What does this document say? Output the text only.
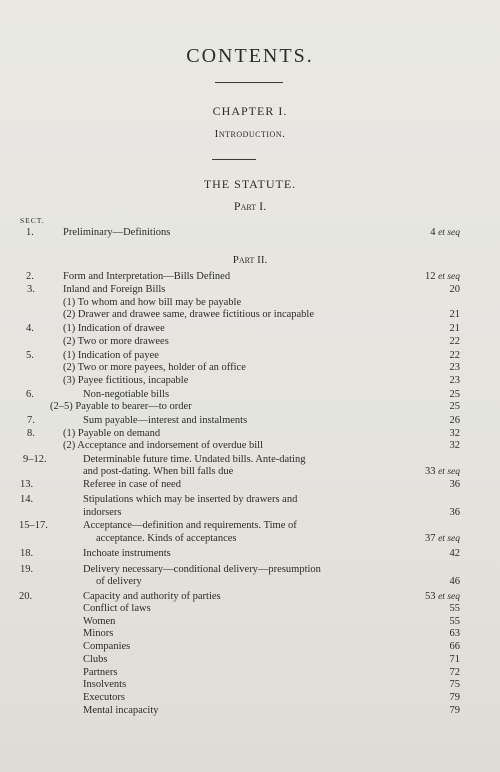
CONTENTS.
CHAPTER I.
Introduction.
THE STATUTE.
Part I.
SECT.
Part II.
1.	Preliminary—Definitions	4 et seq
2.	Form and Interpretation—Bills Defined	12 et seq
3.	Inland and Foreign Bills	20
(1) To whom and how bill may be payable
(2) Drawer and drawee same, drawee fictitious or incapable	21
4.	(1) Indication of drawee	21
(2) Two or more drawees	22
5.	(1) Indication of payee	22
(2) Two or more payees, holder of an office	23
(3) Payee fictitious, incapable	23
6.	Non-negotiable bills	25
(2–5) Payable to bearer—to order	25
7.	Sum payable—interest and instalments	26
8.	(1) Payable on demand	32
(2) Acceptance and indorsement of overdue bill	32
9–12.	Determinable future time. Undated bills. Ante-dating
and post-dating. When bill falls due	33 et seq
13.	Referee in case of need	36
14.	Stipulations which may be inserted by drawers and
indorsers	36
15–17.	Acceptance—definition and requirements. Time of
acceptance. Kinds of acceptances	37 et seq
18.	Inchoate instruments	42
19.	Delivery necessary—conditional delivery—presumption
of delivery	46
20.	Capacity and authority of parties	53 et seq
Conflict of laws	55
Women	55
Minors	63
Companies	66
Clubs	71
Partners	72
Insolvents	75
Executors	79
Mental incapacity	79
